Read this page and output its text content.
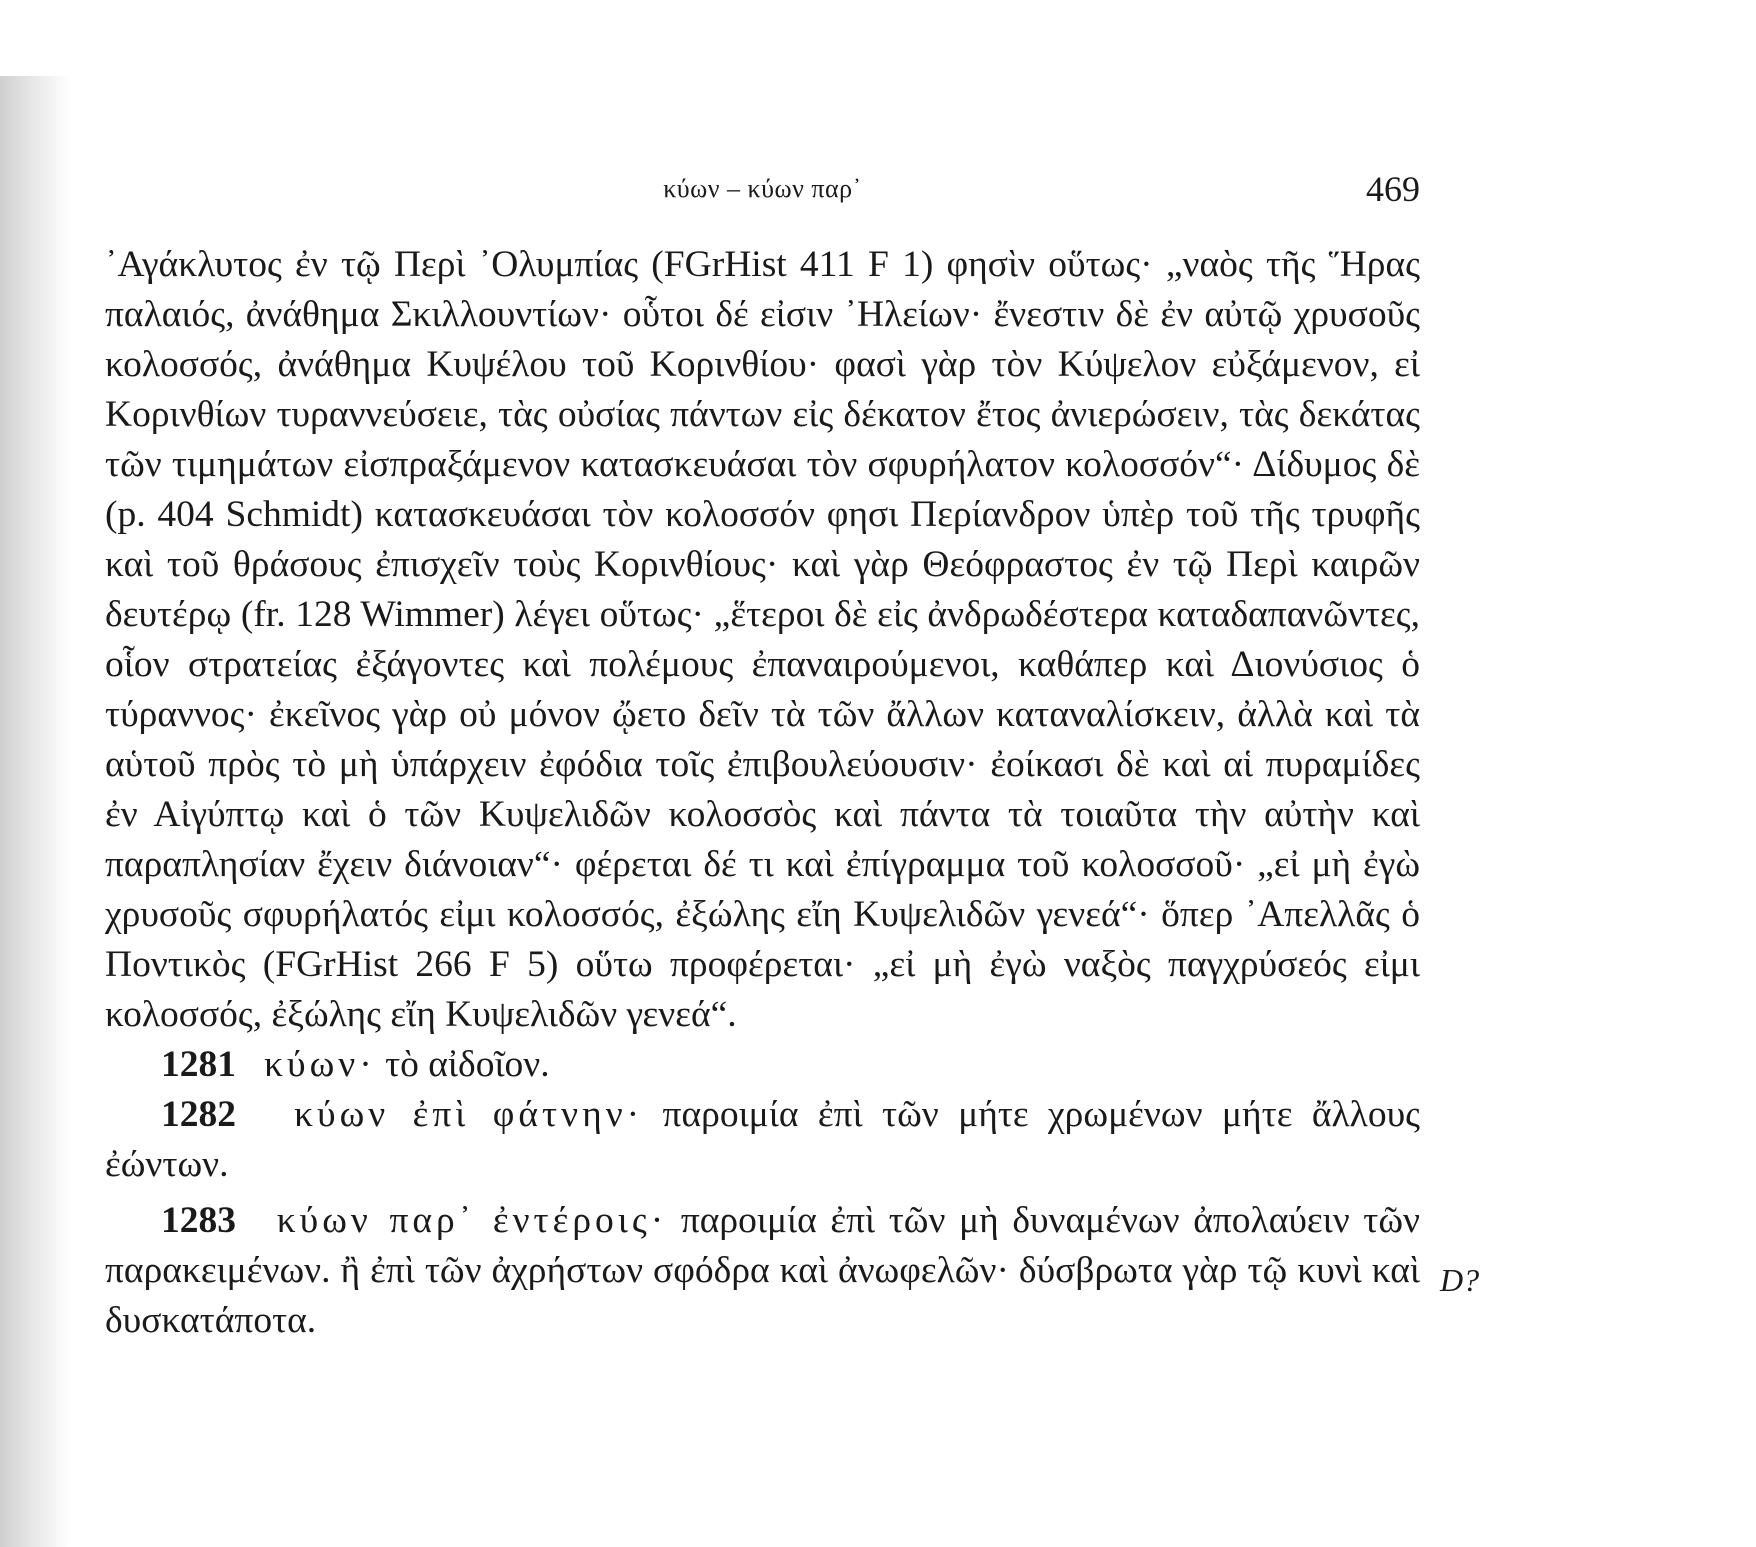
κύων – κύων παρ᾽	469

᾽Αγάκλυτος ἐν τῷ Περὶ ᾽Ολυμπίας (FGrHist 411 F 1) φησὶν οὕτως· „ναὸς τῆς Ἥρας παλαιός, ἀνάθημα Σκιλλουντίων· οὗτοι δέ εἰσιν ᾽Ηλείων· ἔνεστιν δὲ ἐν αὐτῷ χρυσοῦς κολοσσός, ἀνάθημα Κυψέλου τοῦ Κορινθίου· φασὶ γὰρ τὸν Κύψελον εὐξάμενον, εἰ Κορινθίων τυραννεύσειε, τὰς οὐσίας πάντων εἰς δέκατον ἔτος ἀνιερώσειν, τὰς δεκάτας τῶν τιμημάτων εἰσπραξάμενον κατασκευάσαι τὸν σφυρήλατον κολοσσόν“· Δίδυμος δὲ (p. 404 Schmidt) κατασκευάσαι τὸν κολοσσόν φησι Περίανδρον ὑπὲρ τοῦ τῆς τρυφῆς καὶ τοῦ θράσους ἐπισχεῖν τοὺς Κορινθίους· καὶ γὰρ Θεόφραστος ἐν τῷ Περὶ καιρῶν δευτέρῳ (fr. 128 Wimmer) λέγει οὕτως· „ἕτεροι δὲ εἰς ἀνδρωδέστερα καταδαπανῶντες, οἷον στρατείας ἐξάγοντες καὶ πολέμους ἐπαναιρούμενοι, καθάπερ καὶ Διονύσιος ὁ τύραννος· ἐκεῖνος γὰρ οὐ μόνον ᾤετο δεῖν τὰ τῶν ἄλλων καταναλίσκειν, ἀλλὰ καὶ τὰ αὑτοῦ πρὸς τὸ μὴ ὑπάρχειν ἐφόδια τοῖς ἐπιβουλεύουσιν· ἐοίκασι δὲ καὶ αἱ πυραμίδες ἐν Αἰγύπτῳ καὶ ὁ τῶν Κυψελιδῶν κολοσσὸς καὶ πάντα τὰ τοιαῦτα τὴν αὐτὴν καὶ παραπλησίαν ἔχειν διάνοιαν“· φέρεται δέ τι καὶ ἐπίγραμμα τοῦ κολοσσοῦ· „εἰ μὴ ἐγὼ χρυσοῦς σφυρήλατός εἰμι κολοσσός, ἐξώλης εἴη Κυψελιδῶν γενεά“· ὅπερ ᾽Απελλᾶς ὁ Ποντικὸς (FGrHist 266 F 5) οὕτω προφέρεται· „εἰ μὴ ἐγὼ ναξὸς παγχρύσεός εἰμι κολοσσός, ἐξώλης εἴη Κυψελιδῶν γενεά“.

1281 κύων· τὸ αἰδοῖον.

1282 κύων ἐπὶ φάτνην· παροιμία ἐπὶ τῶν μήτε χρωμένων μήτε ἄλλους ἐώντων.

1283 κύων παρ᾽ ἐντέροις· παροιμία ἐπὶ τῶν μὴ δυναμένων ἀπολαύειν τῶν παρακειμένων. ἢ ἐπὶ τῶν ἀχρήστων σφόδρα καὶ ἀνωφελῶν· δύσβρωτα γὰρ τῷ κυνὶ καὶ δυσκατάποτα.

D?
